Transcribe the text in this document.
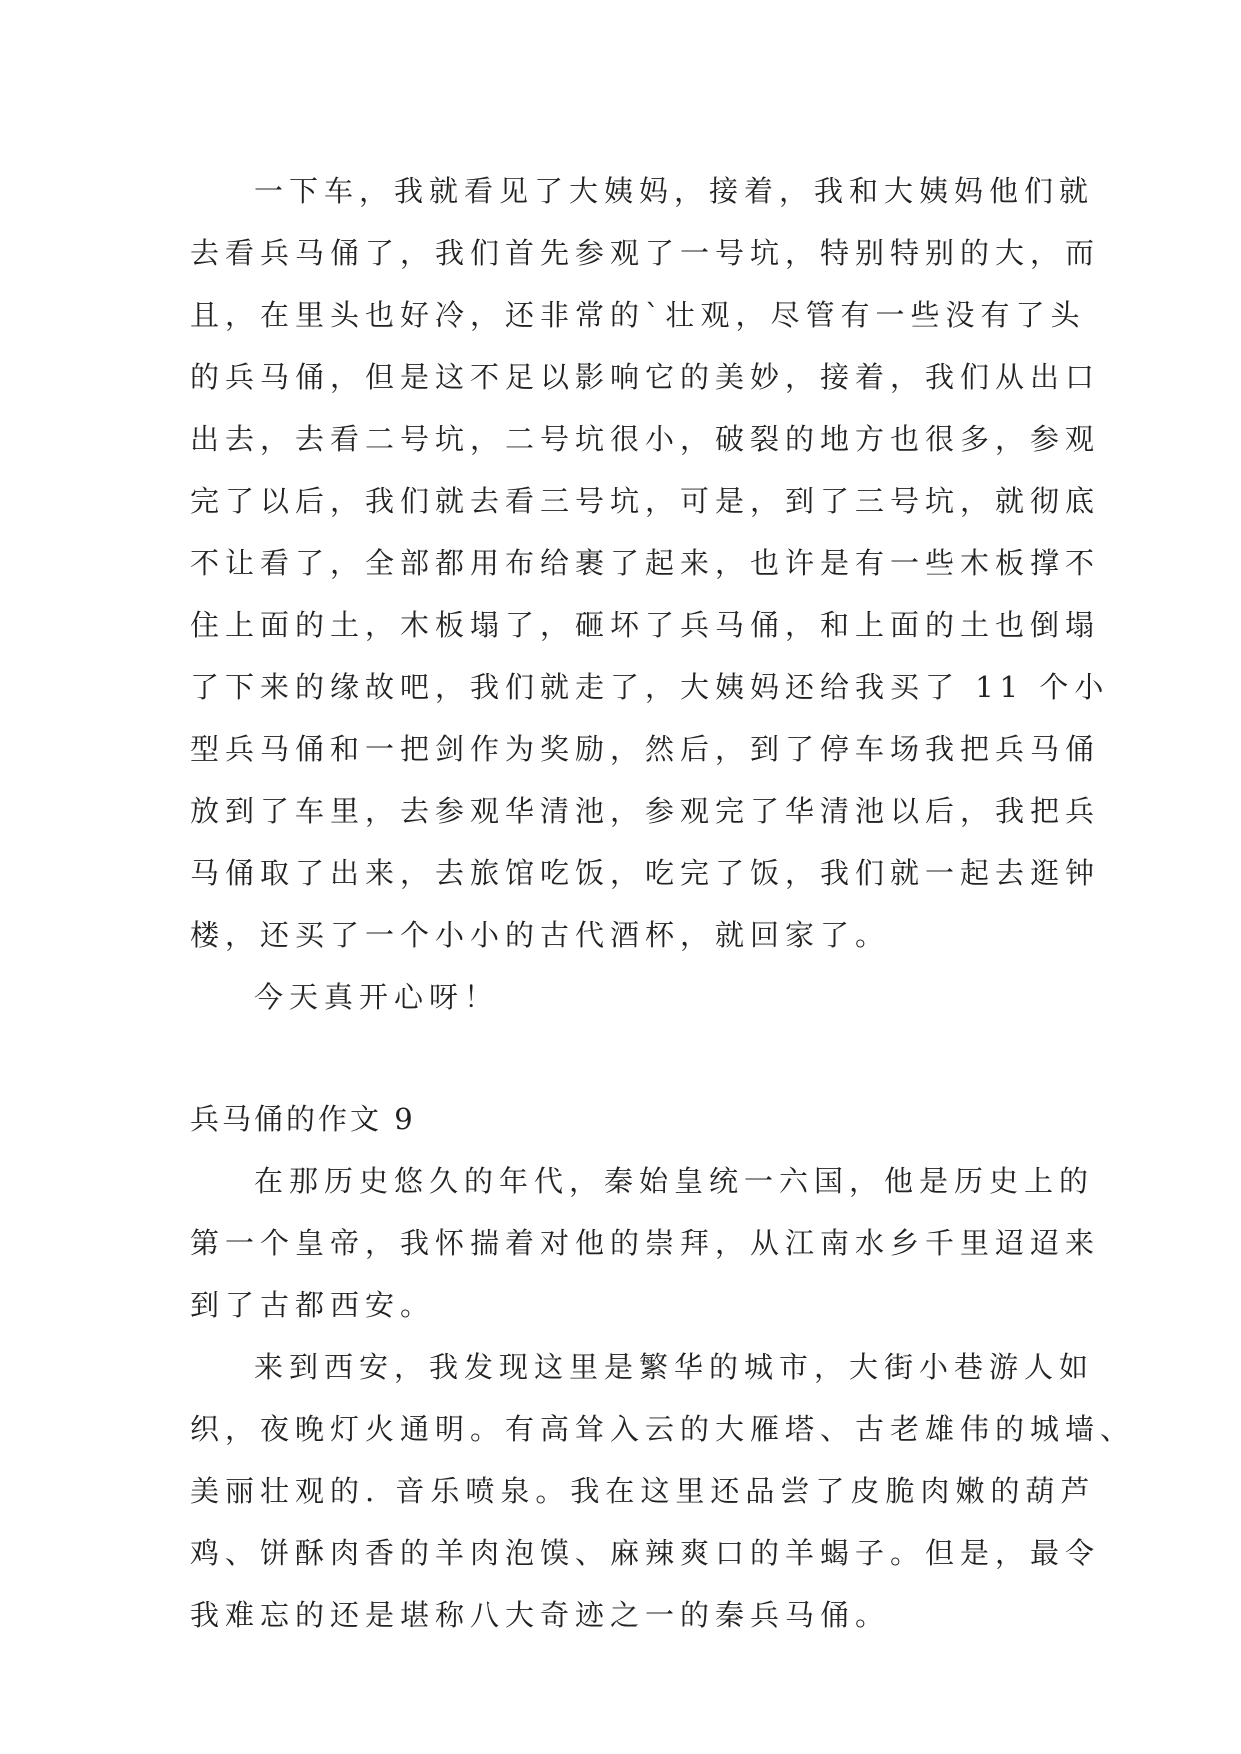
一下车，我就看见了大姨妈，接着，我和大姨妈他们就
去看兵马俑了，我们首先参观了一号坑，特别特别的大，而
且，在里头也好冷，还非常的`壮观，尽管有一些没有了头
的兵马俑，但是这不足以影响它的美妙，接着，我们从出口
出去，去看二号坑，二号坑很小，破裂的地方也很多，参观
完了以后，我们就去看三号坑，可是，到了三号坑，就彻底
不让看了，全部都用布给裹了起来，也许是有一些木板撑不
住上面的土，木板塌了，砸坏了兵马俑，和上面的土也倒塌
了下来的缘故吧，我们就走了，大姨妈还给我买了 11 个小
型兵马俑和一把剑作为奖励，然后，到了停车场我把兵马俑
放到了车里，去参观华清池，参观完了华清池以后，我把兵
马俑取了出来，去旅馆吃饭，吃完了饭，我们就一起去逛钟
楼，还买了一个小小的古代酒杯，就回家了。
今天真开心呀！
兵马俑的作文 9
在那历史悠久的年代，秦始皇统一六国，他是历史上的
第一个皇帝，我怀揣着对他的崇拜，从江南水乡千里迢迢来
到了古都西安。
来到西安，我发现这里是繁华的城市，大街小巷游人如
织，夜晚灯火通明。有高耸入云的大雁塔、古老雄伟的城墙、
美丽壮观的. 音乐喷泉。我在这里还品尝了皮脆肉嫩的葫芦
鸡、饼酥肉香的羊肉泡馍、麻辣爽口的羊蝎子。但是，最令
我难忘的还是堪称八大奇迹之一的秦兵马俑。
